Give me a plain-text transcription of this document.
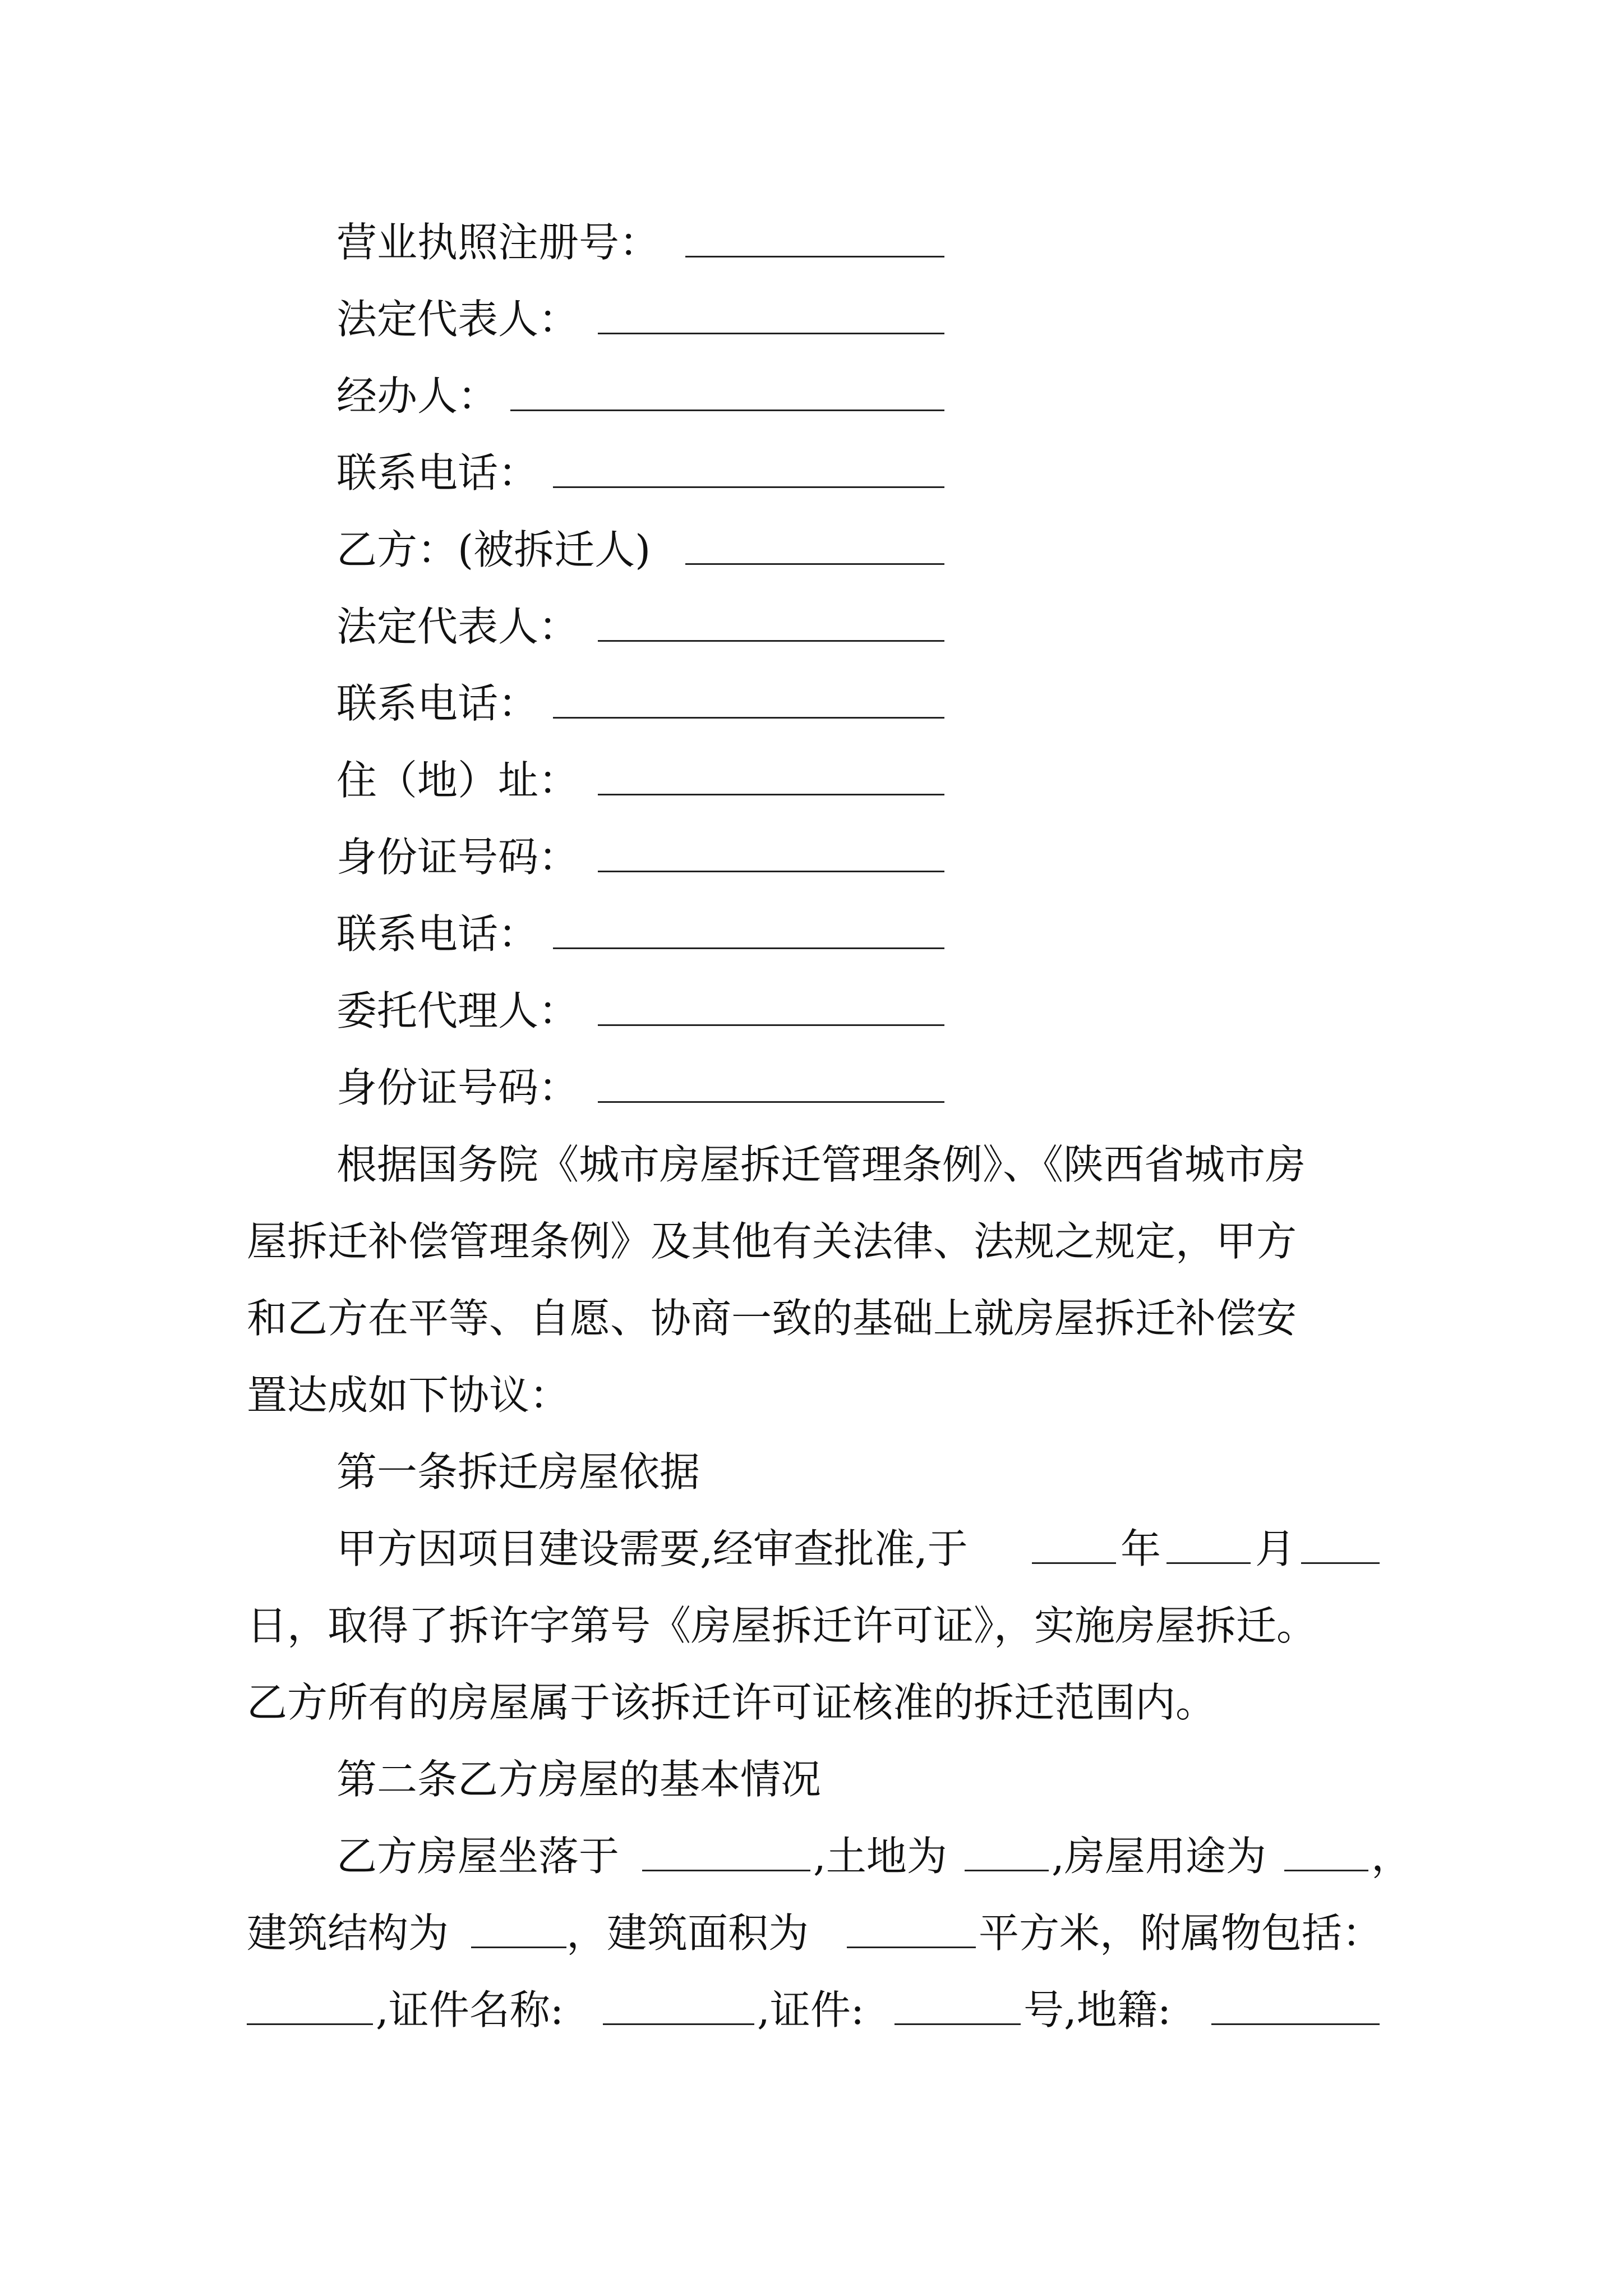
营业执照注册号：
法定代表人：
经办人：
联系电话：
乙方：(被拆迁人)
法定代表人：
联系电话：
住（地）址：
身份证号码：
联系电话：
委托代理人：
身份证号码：
根据国务院《城市房屋拆迁管理条例》、《陕西省城市房
屋拆迁补偿管理条例》及其他有关法律、法规之规定，甲方
和乙方在平等、自愿、协商一致的基础上就房屋拆迁补偿安
置达成如下协议：
第一条拆迁房屋依据
甲方因项目建设需要,经审查批准,于	年 月
日，取得了拆许字第号《房屋拆迁许可证》，实施房屋拆迁。
乙方所有的房屋属于该拆迁许可证核准的拆迁范围内。
第二条乙方房屋的基本情况
乙方房屋坐落于	,土地为	,房屋用途为	，
建筑结构为	，建筑面积为	平方米，附属物包括：
,证件名称:	,证件:	号,地籍:
